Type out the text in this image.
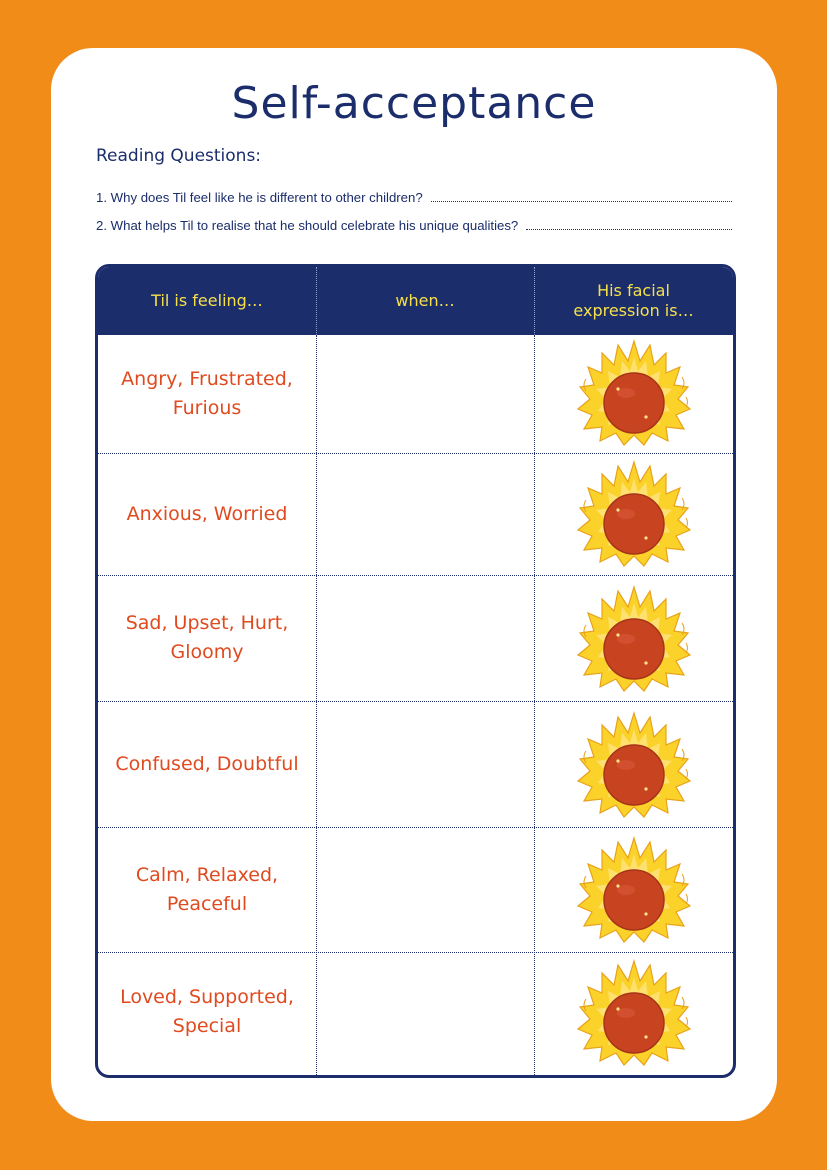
Self-acceptance
Reading Questions:
1. Why does Til feel like he is different to other children?
2. What helps Til to realise that he should celebrate his unique qualities?
Til is feeling…	when…
His facial expression is…
Angry, Frustrated, Furious
Anxious, Worried
Sad, Upset, Hurt, Gloomy
Confused, Doubtful
Calm, Relaxed, Peaceful
Loved, Supported, Special
